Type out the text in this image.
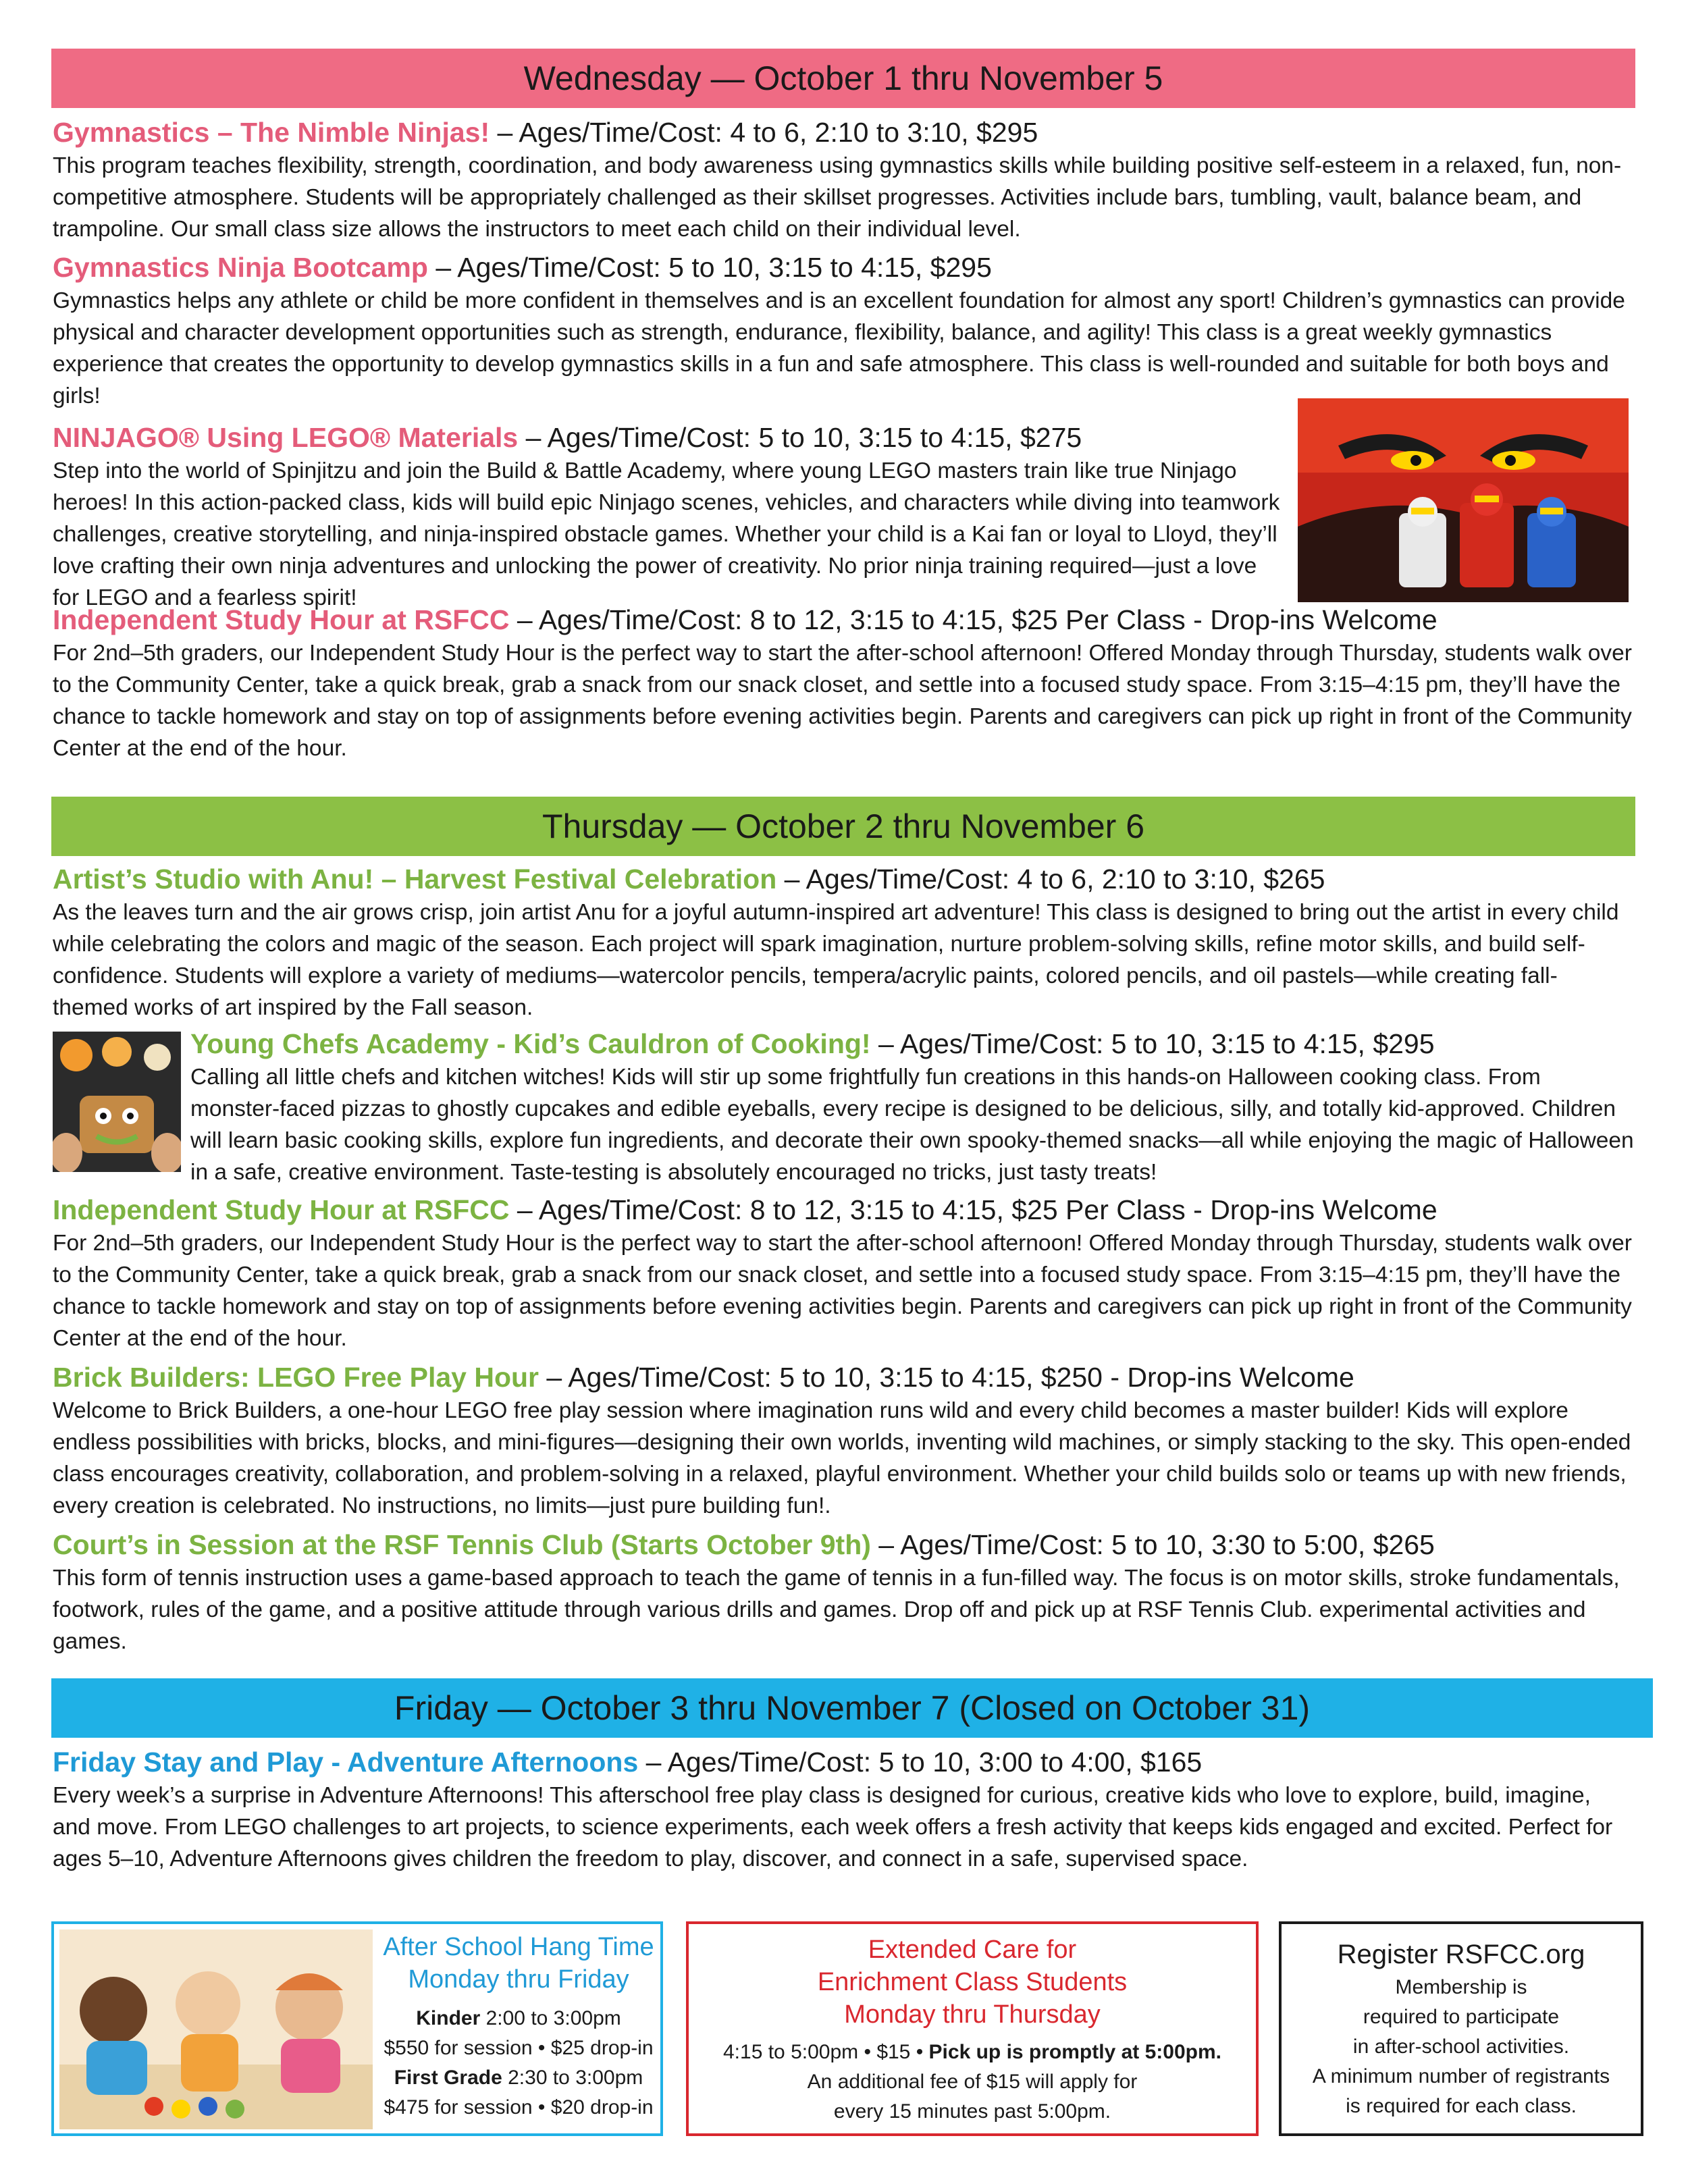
Wednesday — October 1 thru November 5
Gymnastics – The Nimble Ninjas! – Ages/Time/Cost: 4 to 6, 2:10 to 3:10, $295

This program teaches flexibility, strength, coordination, and body awareness using gymnastics skills while building positive self-esteem in a relaxed, fun, non-competitive atmosphere. Students will be appropriately challenged as their skillset progresses. Activities include bars, tumbling, vault, balance beam, and trampoline. Our small class size allows the instructors to meet each child on their individual level.

Gymnastics Ninja Bootcamp – Ages/Time/Cost: 5 to 10, 3:15 to 4:15, $295

Gymnastics helps any athlete or child be more confident in themselves and is an excellent foundation for almost any sport! Children’s gymnastics can provide physical and character development opportunities such as strength, endurance, flexibility, balance, and agility! This class is a great weekly gymnastics experience that creates the opportunity to develop gymnastics skills in a fun and safe atmosphere. This class is well-rounded and suitable for both boys and girls!

NINJAGO® Using LEGO® Materials – Ages/Time/Cost: 5 to 10, 3:15 to 4:15, $275

Step into the world of Spinjitzu and join the Build & Battle Academy, where young LEGO masters train like true Ninjago heroes! In this action-packed class, kids will build epic Ninjago scenes, vehicles, and characters while diving into teamwork challenges, creative storytelling, and ninja-inspired obstacle games. Whether your child is a Kai fan or loyal to Lloyd, they’ll love crafting their own ninja adventures and unlocking the power of creativity. No prior ninja training required—just a love for LEGO and a fearless spirit!

Independent Study Hour at RSFCC – Ages/Time/Cost: 8 to 12, 3:15 to 4:15, $25 Per Class - Drop-ins Welcome

For 2nd–5th graders, our Independent Study Hour is the perfect way to start the after-school afternoon! Offered Monday through Thursday, students walk over to the Community Center, take a quick break, grab a snack from our snack closet, and settle into a focused study space. From 3:15–4:15 pm, they’ll have the chance to tackle homework and stay on top of assignments before evening activities begin. Parents and caregivers can pick up right in front of the Community Center at the end of the hour.

Thursday — October 2 thru November 6
Artist’s Studio with Anu! – Harvest Festival Celebration – Ages/Time/Cost: 4 to 6, 2:10 to 3:10, $265

As the leaves turn and the air grows crisp, join artist Anu for a joyful autumn-inspired art adventure! This class is designed to bring out the artist in every child while celebrating the colors and magic of the season. Each project will spark imagination, nurture problem-solving skills, refine motor skills, and build self-confidence. Students will explore a variety of mediums—watercolor pencils, tempera/acrylic paints, colored pencils, and oil pastels—while creating fall-themed works of art inspired by the Fall season.

Young Chefs Academy - Kid’s Cauldron of Cooking! – Ages/Time/Cost: 5 to 10, 3:15 to 4:15, $295

Calling all little chefs and kitchen witches! Kids will stir up some frightfully fun creations in this hands-on Halloween cooking class. From monster-faced pizzas to ghostly cupcakes and edible eyeballs, every recipe is designed to be delicious, silly, and totally kid-approved. Children will learn basic cooking skills, explore fun ingredients, and decorate their own spooky-themed snacks—all while enjoying the magic of Halloween in a safe, creative environment. Taste-testing is absolutely encouraged no tricks, just tasty treats!

Independent Study Hour at RSFCC – Ages/Time/Cost: 8 to 12, 3:15 to 4:15, $25 Per Class - Drop-ins Welcome

For 2nd–5th graders, our Independent Study Hour is the perfect way to start the after-school afternoon! Offered Monday through Thursday, students walk over to the Community Center, take a quick break, grab a snack from our snack closet, and settle into a focused study space. From 3:15–4:15 pm, they’ll have the chance to tackle homework and stay on top of assignments before evening activities begin. Parents and caregivers can pick up right in front of the Community Center at the end of the hour.

Brick Builders: LEGO Free Play Hour – Ages/Time/Cost: 5 to 10, 3:15 to 4:15, $250 - Drop-ins Welcome

Welcome to Brick Builders, a one-hour LEGO free play session where imagination runs wild and every child becomes a master builder! Kids will explore endless possibilities with bricks, blocks, and mini-figures—designing their own worlds, inventing wild machines, or simply stacking to the sky. This open-ended class encourages creativity, collaboration, and problem-solving in a relaxed, playful environment. Whether your child builds solo or teams up with new friends, every creation is celebrated. No instructions, no limits—just pure building fun!.

Court’s in Session at the RSF Tennis Club (Starts October 9th) – Ages/Time/Cost: 5 to 10, 3:30 to 5:00, $265

This form of tennis instruction uses a game-based approach to teach the game of tennis in a fun-filled way. The focus is on motor skills, stroke fundamentals, footwork, rules of the game, and a positive attitude through various drills and games. Drop off and pick up at RSF Tennis Club. experimental activities and games.

Friday — October 3 thru November 7 (Closed on October 31)
Friday Stay and Play - Adventure Afternoons – Ages/Time/Cost: 5 to 10, 3:00 to 4:00, $165

Every week’s a surprise in Adventure Afternoons! This afterschool free play class is designed for curious, creative kids who love to explore, build, imagine, and move. From LEGO challenges to art projects, to science experiments, each week offers a fresh activity that keeps kids engaged and excited. Perfect for ages 5–10, Adventure Afternoons gives children the freedom to play, discover, and connect in a safe, supervised space.

After School Hang Time
Monday thru Friday
Kinder 2:00 to 3:00pm
$550 for session • $25 drop-in
First Grade 2:30 to 3:00pm
$475 for session • $20 drop-in
Extended Care for
Enrichment Class Students
Monday thru Thursday
4:15 to 5:00pm • $15 • Pick up is promptly at 5:00pm.
An additional fee of $15 will apply for
every 15 minutes past 5:00pm.
Register RSFCC.org
Membership is
required to participate
in after-school activities.
A minimum number of registrants
is required for each class.
